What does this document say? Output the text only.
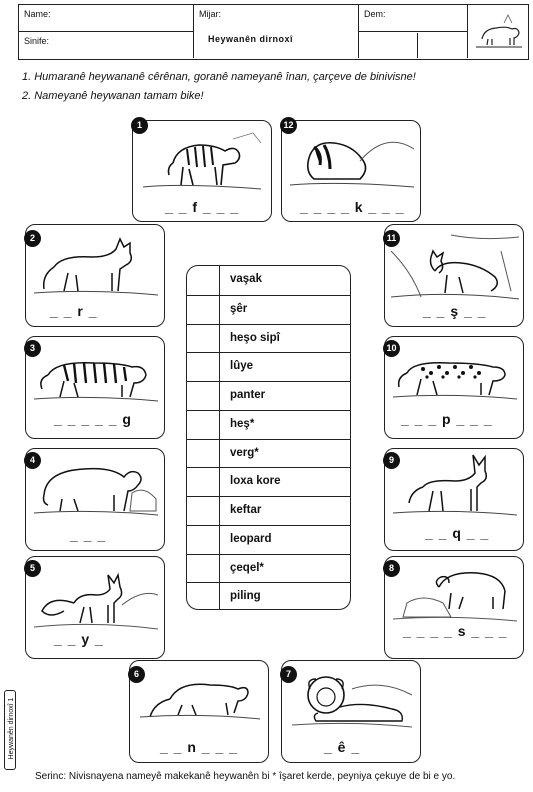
Name:
Sinife:
Mijar:
Heywanên dirnoxî
Dem:
1. Humaranê heywananê cêrênan, goranê nameyanê înan, çarçeve de binivisne!
2. Nameyanê heywanan tamam bike!
_ _ f _ _ _
1
_ _ _ _ k _ _ _
12
_ _ r _
2
_ _ ş _ _
11
_ _ _ _ _ g
3
_ _ _ p _ _ _
10
_ _ _
4
_ _ q _ _
9
_ _ y _
5
_ _ _ _ s _ _ _
8
_ _ n _ _ _
6
_ ê _
7
vaşak
şêr
heşo sipî
lûye
panter
heş*
verg*
loxa kore
keftar
leopard
çeqel*
piling
Heywanên dirnoxî 1
Serinc: Nivisnayena nameyê makekanê heywanên bi * îşaret kerde, peyniya çekuye de bi e yo.
